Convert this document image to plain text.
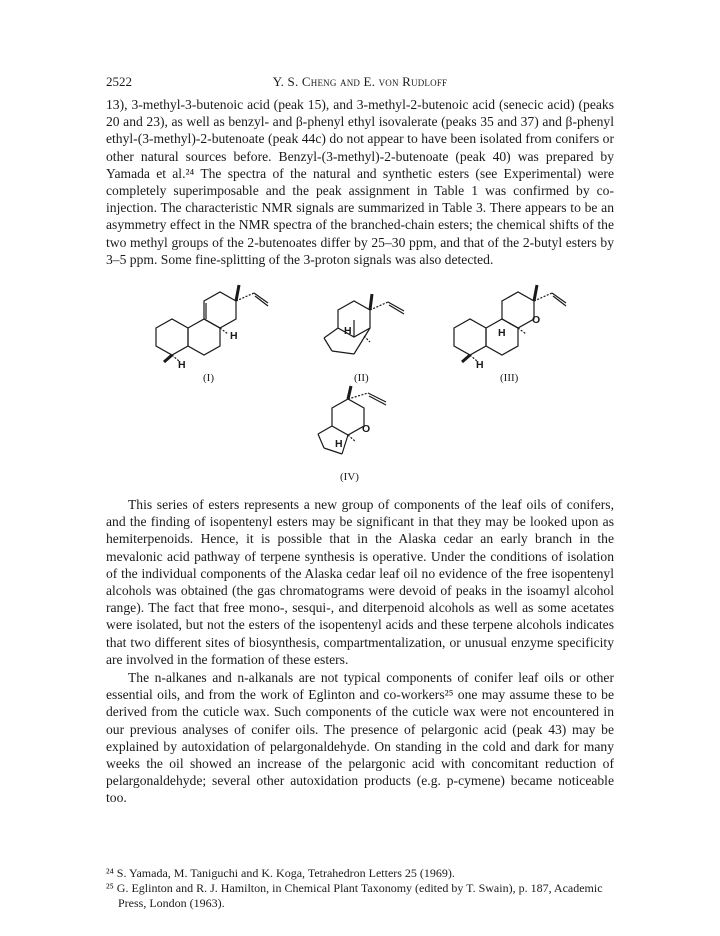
2522	Y. S. Cheng and E. von Rudloff

13), 3-methyl-3-butenoic acid (peak 15), and 3-methyl-2-butenoic acid (senecic acid) (peaks 20 and 23), as well as benzyl- and β-phenyl ethyl isovalerate (peaks 35 and 37) and β-phenyl ethyl-(3-methyl)-2-butenoate (peak 44c) do not appear to have been isolated from conifers or other natural sources before. Benzyl-(3-methyl)-2-butenoate (peak 40) was prepared by Yamada et al.²⁴ The spectra of the natural and synthetic esters (see Experimental) were completely superimposable and the peak assignment in Table 1 was confirmed by co-injection. The characteristic NMR signals are summarized in Table 3. There appears to be an asymmetry effect in the NMR spectra of the branched-chain esters; the chemical shifts of the two methyl groups of the 2-butenoates differ by 25–30 ppm, and that of the 2-butyl esters by 3–5 ppm. Some fine-splitting of the 3-proton signals was also detected.

H
H
(I)
H
(II)
O
H
H
(III)
O
H
(IV)

This series of esters represents a new group of components of the leaf oils of conifers, and the finding of isopentenyl esters may be significant in that they may be looked upon as hemiterpenoids. Hence, it is possible that in the Alaska cedar an early branch in the mevalonic acid pathway of terpene synthesis is operative. Under the conditions of isolation of the individual components of the Alaska cedar leaf oil no evidence of the free isopentenyl alcohols was obtained (the gas chromatograms were devoid of peaks in the isoamyl alcohol range). The fact that free mono-, sesqui-, and diterpenoid alcohols as well as some acetates were isolated, but not the esters of the isopentenyl acids and these terpene alcohols indicates that two different sites of biosynthesis, compartmentalization, or unusual enzyme specificity are involved in the formation of these esters.

The n-alkanes and n-alkanals are not typical components of conifer leaf oils or other essential oils, and from the work of Eglinton and co-workers²⁵ one may assume these to be derived from the cuticle wax. Such components of the cuticle wax were not encountered in our previous analyses of conifer oils. The presence of pelargonic acid (peak 43) may be explained by autoxidation of pelargonaldehyde. On standing in the cold and dark for many weeks the oil showed an increase of the pelargonic acid with concomitant reduction of pelargonaldehyde; several other autoxidation products (e.g. p-cymene) became noticeable too.

²⁴ S. Yamada, M. Taniguchi and K. Koga, Tetrahedron Letters 25 (1969).

²⁵ G. Eglinton and R. J. Hamilton, in Chemical Plant Taxonomy (edited by T. Swain), p. 187, Academic Press, London (1963).
